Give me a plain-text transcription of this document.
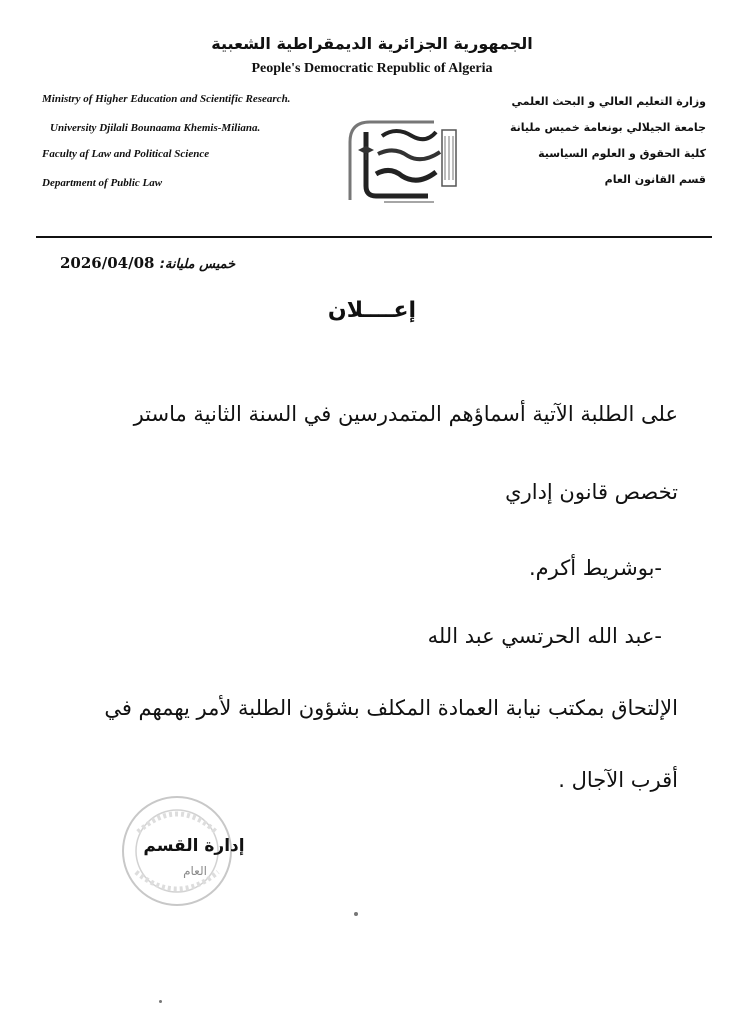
الجمهورية الجزائرية الديمقراطية الشعبية
People's Democratic Republic of Algeria
Ministry of Higher Education and Scientific Research.
University Djilali Bounaama Khemis-Miliana.
Faculty af Law and Political Science
Department of Public Law
وزارة التعليم العالي و البحث العلمي
جامعة الجيلالي بونعامة خميس مليانة
كلية الحقوق و العلوم السياسية
قسم القانون العام
خميس مليانة: 2026/04/08
إعــــلان
على الطلبة الآتية أسماؤهم المتمدرسين في السنة الثانية ماستر
تخصص قانون إداري
-بوشريط أكرم.
-عبد الله الحرتسي عبد الله
الإلتحاق بمكتب نيابة العمادة المكلف بشؤون الطلبة لأمر يهمهم في
أقرب الآجال .
إدارة القسم
العام
